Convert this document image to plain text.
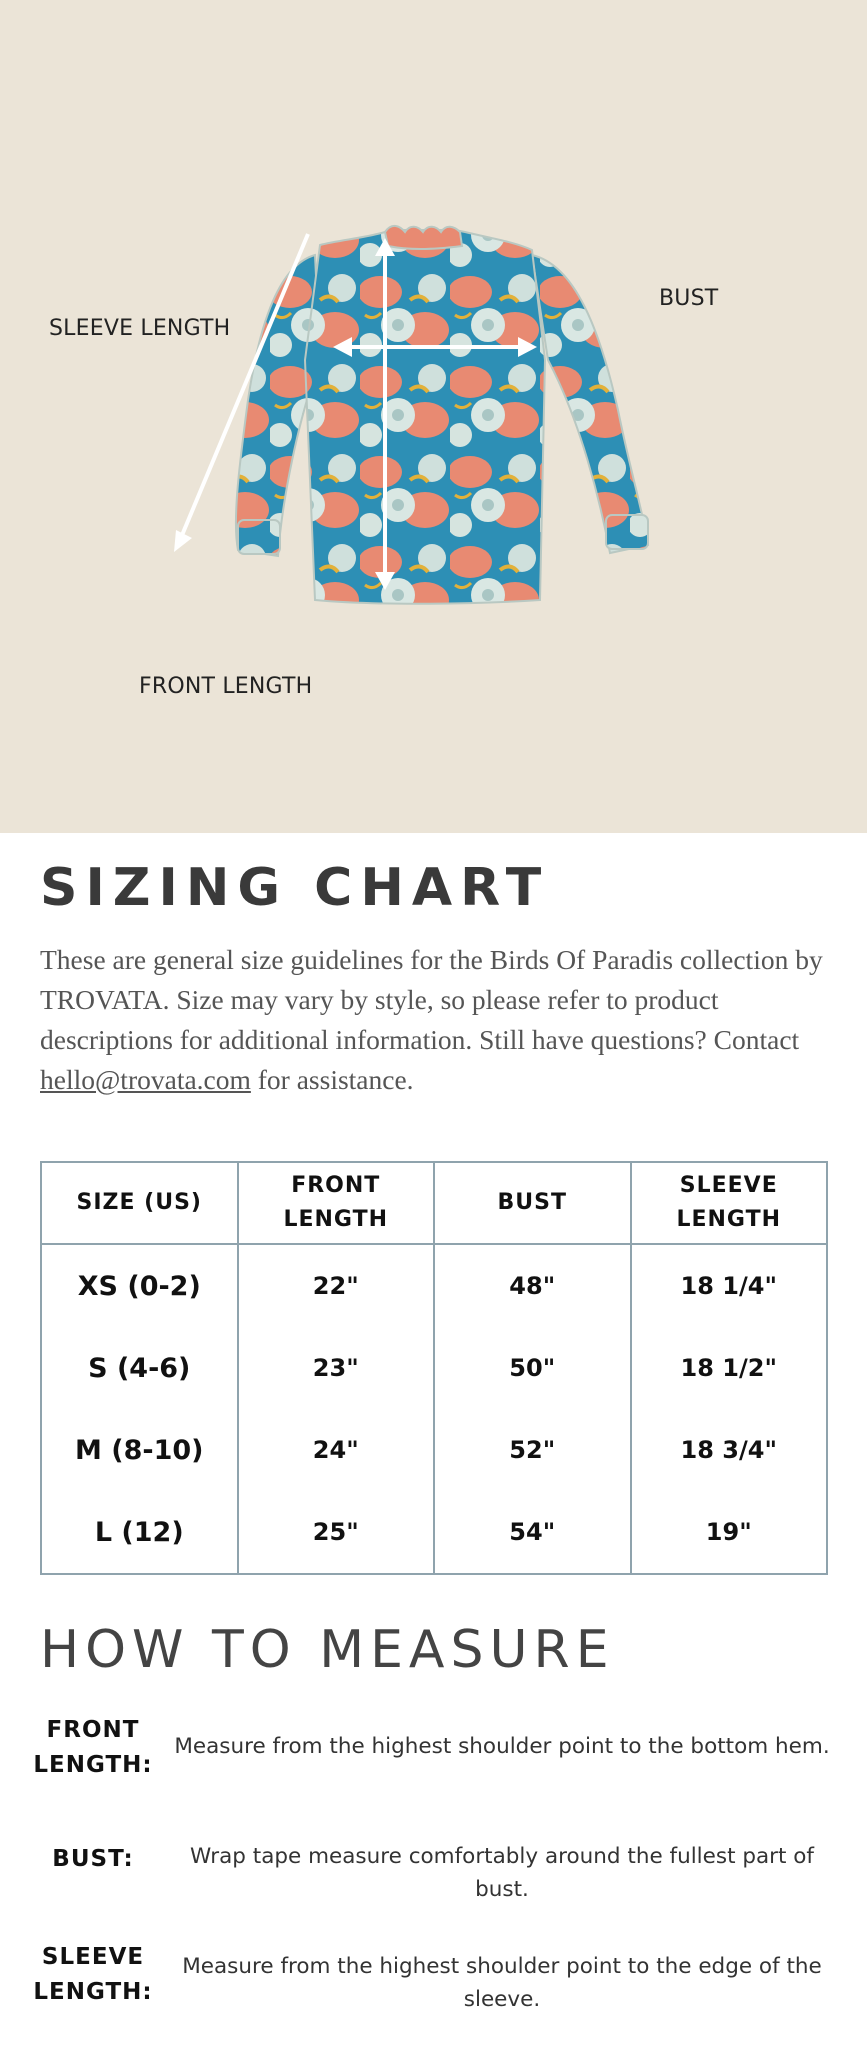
SLEEVE LENGTH
BUST
FRONT LENGTH
SIZING CHART

These are general size guidelines for the Birds Of Paradis collection by TROVATA. Size may vary by style, so please refer to product descriptions for additional information. Still have questions? Contact hello@trovata.com for assistance.

SIZE (US)	FRONT LENGTH	BUST	SLEEVE LENGTH
XS (0-2)	22"	48"	18 1/4"
S (4-6)	23"	50"	18 1/2"
M (8-10)	24"	52"	18 3/4"
L (12)	25"	54"	19"
HOW TO MEASURE
FRONT LENGTH:
Measure from the highest shoulder point to the bottom hem.
BUST:	Wrap tape measure comfortably around the fullest part of bust.
SLEEVE LENGTH:
Measure from the highest shoulder point to the edge of the sleeve.
